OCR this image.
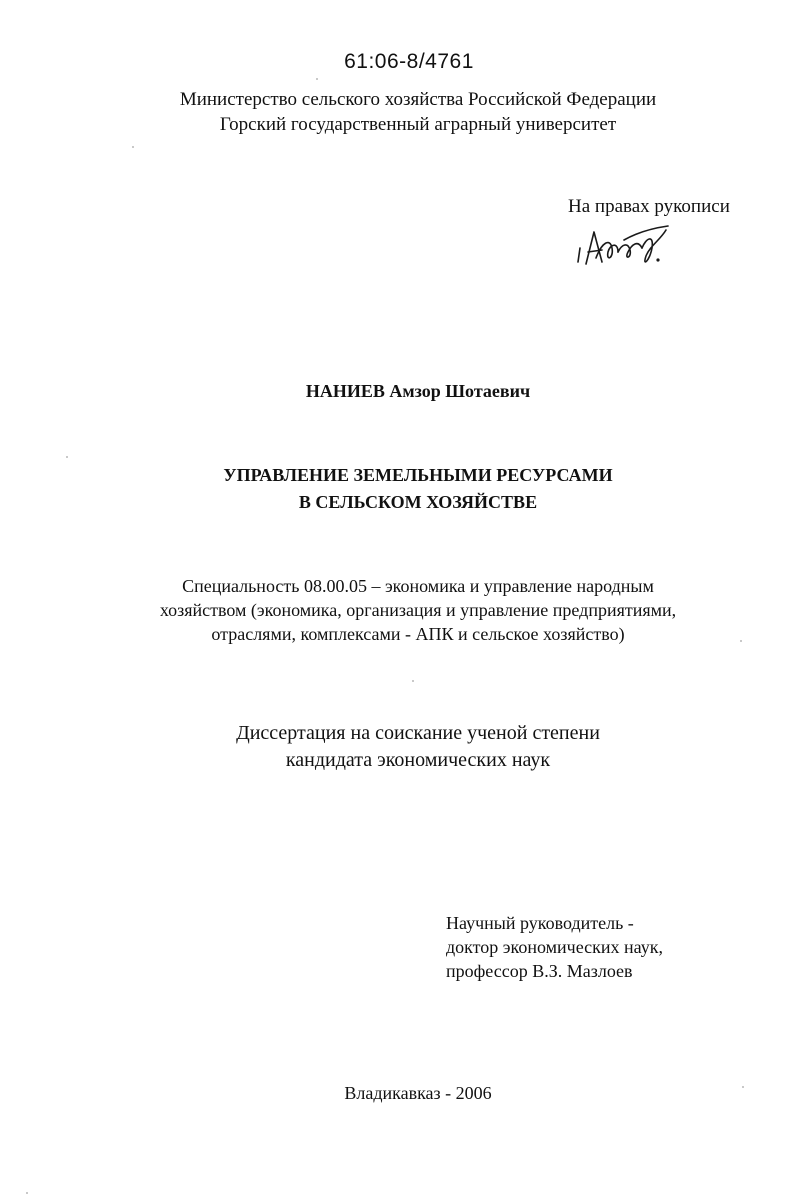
61:06-8/4761
Министерство сельского хозяйства Российской Федерации
Горский государственный аграрный университет
На правах рукописи
НАНИЕВ Амзор Шотаевич
УПРАВЛЕНИЕ ЗЕМЕЛЬНЫМИ РЕСУРСАМИ
В СЕЛЬСКОМ ХОЗЯЙСТВЕ
Специальность 08.00.05 – экономика и управление народным
хозяйством (экономика, организация и управление предприятиями,
отраслями, комплексами - АПК и сельское хозяйство)
Диссертация на соискание ученой степени
кандидата экономических наук
Научный руководитель -
доктор экономических наук,
профессор В.З. Мазлоев
Владикавказ - 2006
